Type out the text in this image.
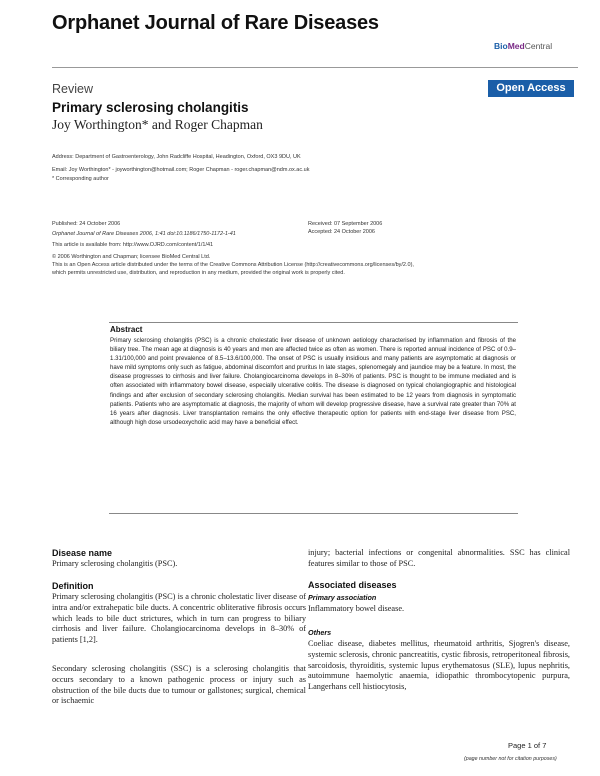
Orphanet Journal of Rare Diseases
BioMedCentral
Review	Open Access
Primary sclerosing cholangitis
Joy Worthington* and Roger Chapman
Address: Department of Gastroenterology, John Radcliffe Hospital, Headington, Oxford, OX3 9DU, UK
Email: Joy Worthington* - joyworthington@hotmail.com; Roger Chapman - roger.chapman@ndm.ox.ac.uk
* Corresponding author
Published: 24 October 2006
Orphanet Journal of Rare Diseases 2006, 1:41 doi:10.1186/1750-1172-1-41
Received: 07 September 2006
Accepted: 24 October 2006
This article is available from: http://www.OJRD.com/content/1/1/41
© 2006 Worthington and Chapman; licensee BioMed Central Ltd.
This is an Open Access article distributed under the terms of the Creative Commons Attribution License (http://creativecommons.org/licenses/by/2.0),
which permits unrestricted use, distribution, and reproduction in any medium, provided the original work is properly cited.
Abstract
Primary sclerosing cholangitis (PSC) is a chronic cholestatic liver disease of unknown aetiology characterised by inflammation and fibrosis of the biliary tree. The mean age at diagnosis is 40 years and men are affected twice as often as women. There is reported annual incidence of PSC of 0.9–1.31/100,000 and point prevalence of 8.5–13.6/100,000. The onset of PSC is usually insidious and many patients are asymptomatic at diagnosis or have mild symptoms only such as fatigue, abdominal discomfort and pruritus In late stages, splenomegaly and jaundice may be a feature. In most, the disease progresses to cirrhosis and liver failure. Cholangiocarcinoma develops in 8–30% of patients. PSC is thought to be immune mediated and is often associated with inflammatory bowel disease, especially ulcerative colitis. The disease is diagnosed on typical cholangiographic and histological findings and after exclusion of secondary sclerosing cholangitis. Median survival has been estimated to be 12 years from diagnosis in symptomatic patients. Patients who are asymptomatic at diagnosis, the majority of whom will develop progressive disease, have a survival rate greater than 70% at 16 years after diagnosis. Liver transplantation remains the only effective therapeutic option for patients with end-stage liver disease from PSC, although high dose ursodeoxycholic acid may have a beneficial effect.
Disease name
Primary sclerosing cholangitis (PSC).
Definition
Primary sclerosing cholangitis (PSC) is a chronic cholestatic liver disease of intra and/or extrahepatic bile ducts. A concentric obliterative fibrosis occurs which leads to bile duct strictures, which in turn can progress to biliary cirrhosis and liver failure. Cholangiocarcinoma develops in 8–30% of patients [1,2].
Secondary sclerosing cholangitis (SSC) is a sclerosing cholangitis that occurs secondary to a known pathogenic process or injury such as obstruction of the bile ducts due to tumour or gallstones; surgical, chemical or ischaemic
injury; bacterial infections or congenital abnormalities. SSC has clinical features similar to those of PSC.
Associated diseases
Primary association
Inflammatory bowel disease.
Others
Coeliac disease, diabetes mellitus, rheumatoid arthritis, Sjogren's disease, systemic sclerosis, chronic pancreatitis, cystic fibrosis, retroperitoneal fibrosis, sarcoidosis, thyroiditis, systemic lupus erythematosus (SLE), lupus nephritis, autoimmune haemolytic anaemia, idiopathic thrombocytopenic purpura, Langerhans cell histiocytosis,
Page 1 of 7
(page number not for citation purposes)
